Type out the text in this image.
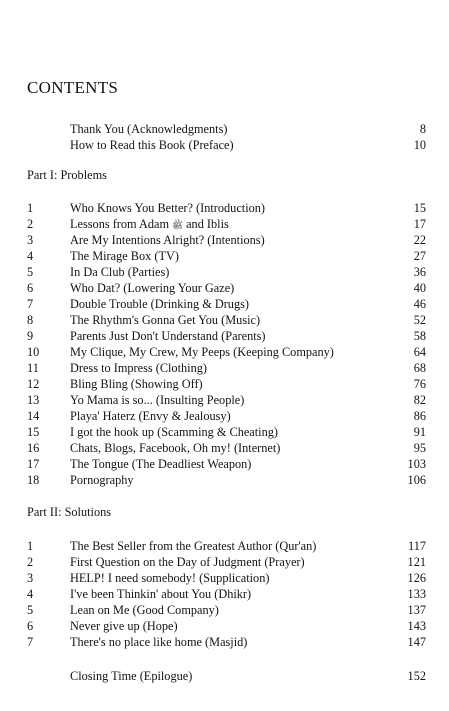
CONTENTS
Thank You (Acknowledgments)	8
How to Read this Book (Preface)	10
Part I: Problems
1	Who Knows You Better? (Introduction)	15
2	Lessons from Adam ﷺ and Iblis	17
3	Are My Intentions Alright? (Intentions)	22
4	The Mirage Box (TV)	27
5	In Da Club (Parties)	36
6	Who Dat? (Lowering Your Gaze)	40
7	Double Trouble (Drinking & Drugs)	46
8	The Rhythm's Gonna Get You (Music)	52
9	Parents Just Don't Understand (Parents)	58
10 My Clique, My Crew, My Peeps (Keeping Company)	64
11	Dress to Impress (Clothing)	68
12 Bling Bling (Showing Off)	76
13 Yo Mama is so... (Insulting People)	82
14 Playa' Haterz (Envy & Jealousy)	86
15 I got the hook up (Scamming & Cheating)	91
16 Chats, Blogs, Facebook, Oh my! (Internet)	95
17 The Tongue (The Deadliest Weapon)	103
18 Pornography	106
Part II: Solutions
1	The Best Seller from the Greatest Author (Qur'an)	117
2	First Question on the Day of Judgment (Prayer)	121
3	HELP! I need somebody! (Supplication)	126
4	I've been Thinkin' about You (Dhikr)	133
5	Lean on Me (Good Company)	137
6	Never give up (Hope)	143
7	There's no place like home (Masjid)	147
Closing Time (Epilogue)	152
